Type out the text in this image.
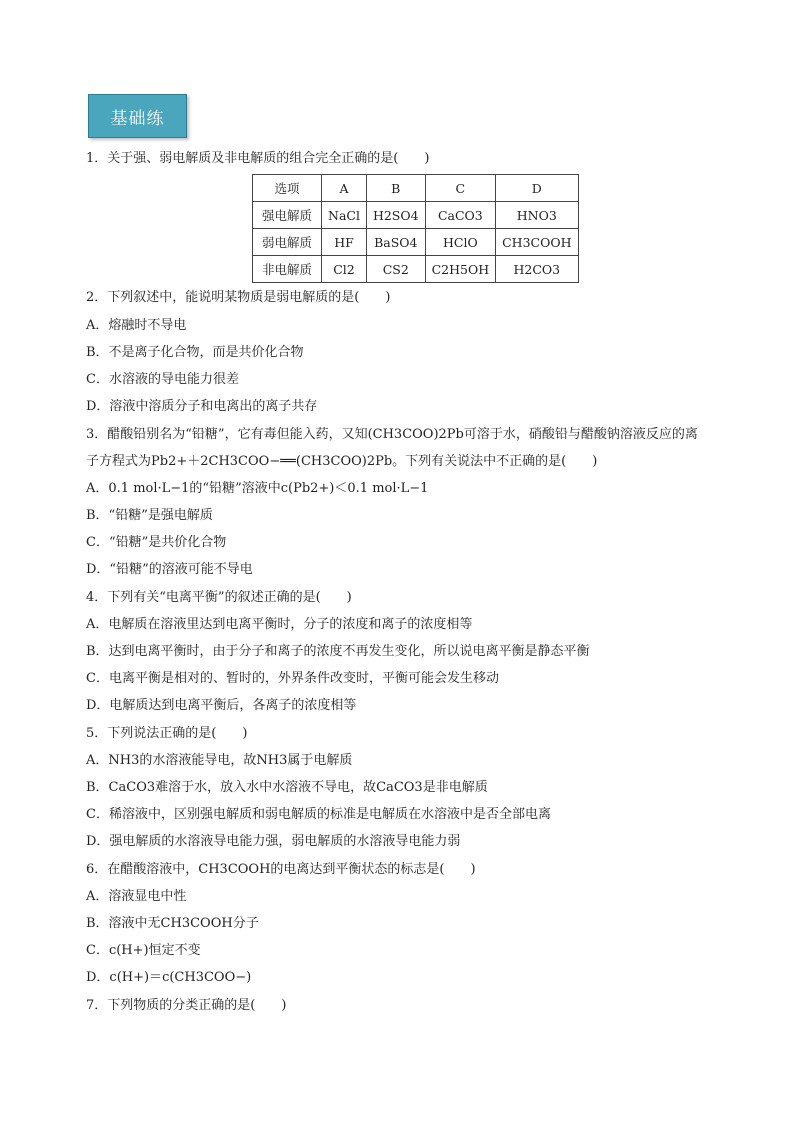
基础练
1．关于强、弱电解质及非电解质的组合完全正确的是(　　)
选项	A	B	C	D
强电解质	NaCl	H2SO4	CaCO3	HNO3
弱电解质	HF	BaSO4	HClO	CH3COOH
非电解质	Cl2	CS2	C2H5OH	H2CO3
2．下列叙述中，能说明某物质是弱电解质的是(　　)
A．熔融时不导电
B．不是离子化合物，而是共价化合物
C．水溶液的导电能力很差
D．溶液中溶质分子和电离出的离子共存
3．醋酸铅别名为“铅糖”，它有毒但能入药，又知(CH3COO)2Pb可溶于水，硝酸铅与醋酸钠溶液反应的离
子方程式为Pb2+＋2CH3COO−══(CH3COO)2Pb。下列有关说法中不正确的是(　　)
A．0.1 mol·L−1的“铅糖”溶液中c(Pb2+)＜0.1 mol·L−1
B．“铅糖”是强电解质
C．“铅糖”是共价化合物
D．“铅糖”的溶液可能不导电
4．下列有关“电离平衡”的叙述正确的是(　　)
A．电解质在溶液里达到电离平衡时，分子的浓度和离子的浓度相等
B．达到电离平衡时，由于分子和离子的浓度不再发生变化，所以说电离平衡是静态平衡
C．电离平衡是相对的、暂时的，外界条件改变时，平衡可能会发生移动
D．电解质达到电离平衡后，各离子的浓度相等
5．下列说法正确的是(　　)
A．NH3的水溶液能导电，故NH3属于电解质
B．CaCO3难溶于水，放入水中水溶液不导电，故CaCO3是非电解质
C．稀溶液中，区别强电解质和弱电解质的标准是电解质在水溶液中是否全部电离
D．强电解质的水溶液导电能力强，弱电解质的水溶液导电能力弱
6．在醋酸溶液中，CH3COOH的电离达到平衡状态的标志是(　　)
A．溶液显电中性
B．溶液中无CH3COOH分子
C．c(H+)恒定不变
D．c(H+)＝c(CH3COO−)
7．下列物质的分类正确的是(　　)
